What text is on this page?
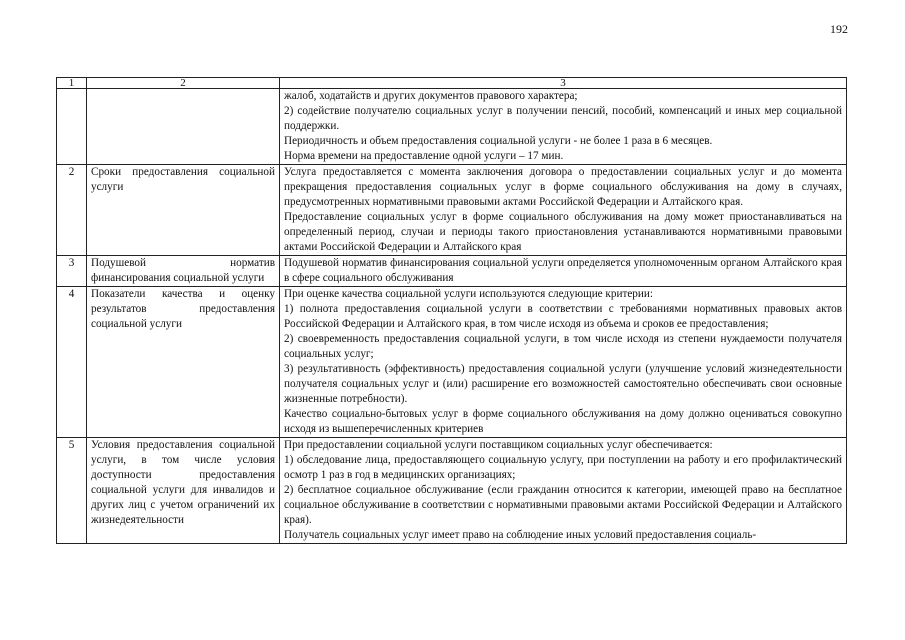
192
1	2	3

		жалоб, ходатайств и других документов правового характера;
2) содействие получателю социальных услуг в получении пенсий, пособий, компенсаций и иных мер социальной поддержки.
Периодичность и объем предоставления социальной услуги - не более 1 раза в 6 месяцев.
Норма времени на предоставление одной услуги – 17 мин.

2	Сроки предоставления социальной услуги	Услуга предоставляется с момента заключения договора о предоставлении социальных услуг и до момента прекращения предоставления социальных услуг в форме социального обслуживания на дому в случаях, предусмотренных нормативными правовыми актами Российской Федерации и Алтайского края.
Предоставление социальных услуг в форме социального обслуживания на дому может приостанавливаться на определенный период, случаи и периоды такого приостановления устанавливаются нормативными правовыми актами Российской Федерации и Алтайского края

3	Подушевой норматив финансирования социальной услуги	Подушевой норматив финансирования социальной услуги определяется уполномоченным органом Алтайского края в сфере социального обслуживания

4	Показатели качества и оценку результатов предоставления социальной услуги	При оценке качества социальной услуги используются следующие критерии:
1) полнота предоставления социальной услуги в соответствии с требованиями нормативных правовых актов Российской Федерации и Алтайского края, в том числе исходя из объема и сроков ее предоставления;
2) своевременность предоставления социальной услуги, в том числе исходя из степени нуждаемости получателя социальных услуг;
3) результативность (эффективность) предоставления социальной услуги (улучшение условий жизнедеятельности получателя социальных услуг и (или) расширение его возможностей самостоятельно обеспечивать свои основные жизненные потребности).
Качество социально-бытовых услуг в форме социального обслуживания на дому должно оцениваться совокупно исходя из вышеперечисленных критериев

5	Условия предоставления социальной услуги, в том числе условия доступности предоставления социальной услуги для инвалидов и других лиц с учетом ограничений их жизнедеятельности	При предоставлении социальной услуги поставщиком социальных услуг обеспечивается:
1) обследование лица, предоставляющего социальную услугу, при поступлении на работу и его профилактический осмотр 1 раз в год в медицинских организациях;
2) бесплатное социальное обслуживание (если гражданин относится к категории, имеющей право на бесплатное социальное обслуживание в соответствии с нормативными правовыми актами Российской Федерации и Алтайского края).
Получатель социальных услуг имеет право на соблюдение иных условий предоставления социаль-
